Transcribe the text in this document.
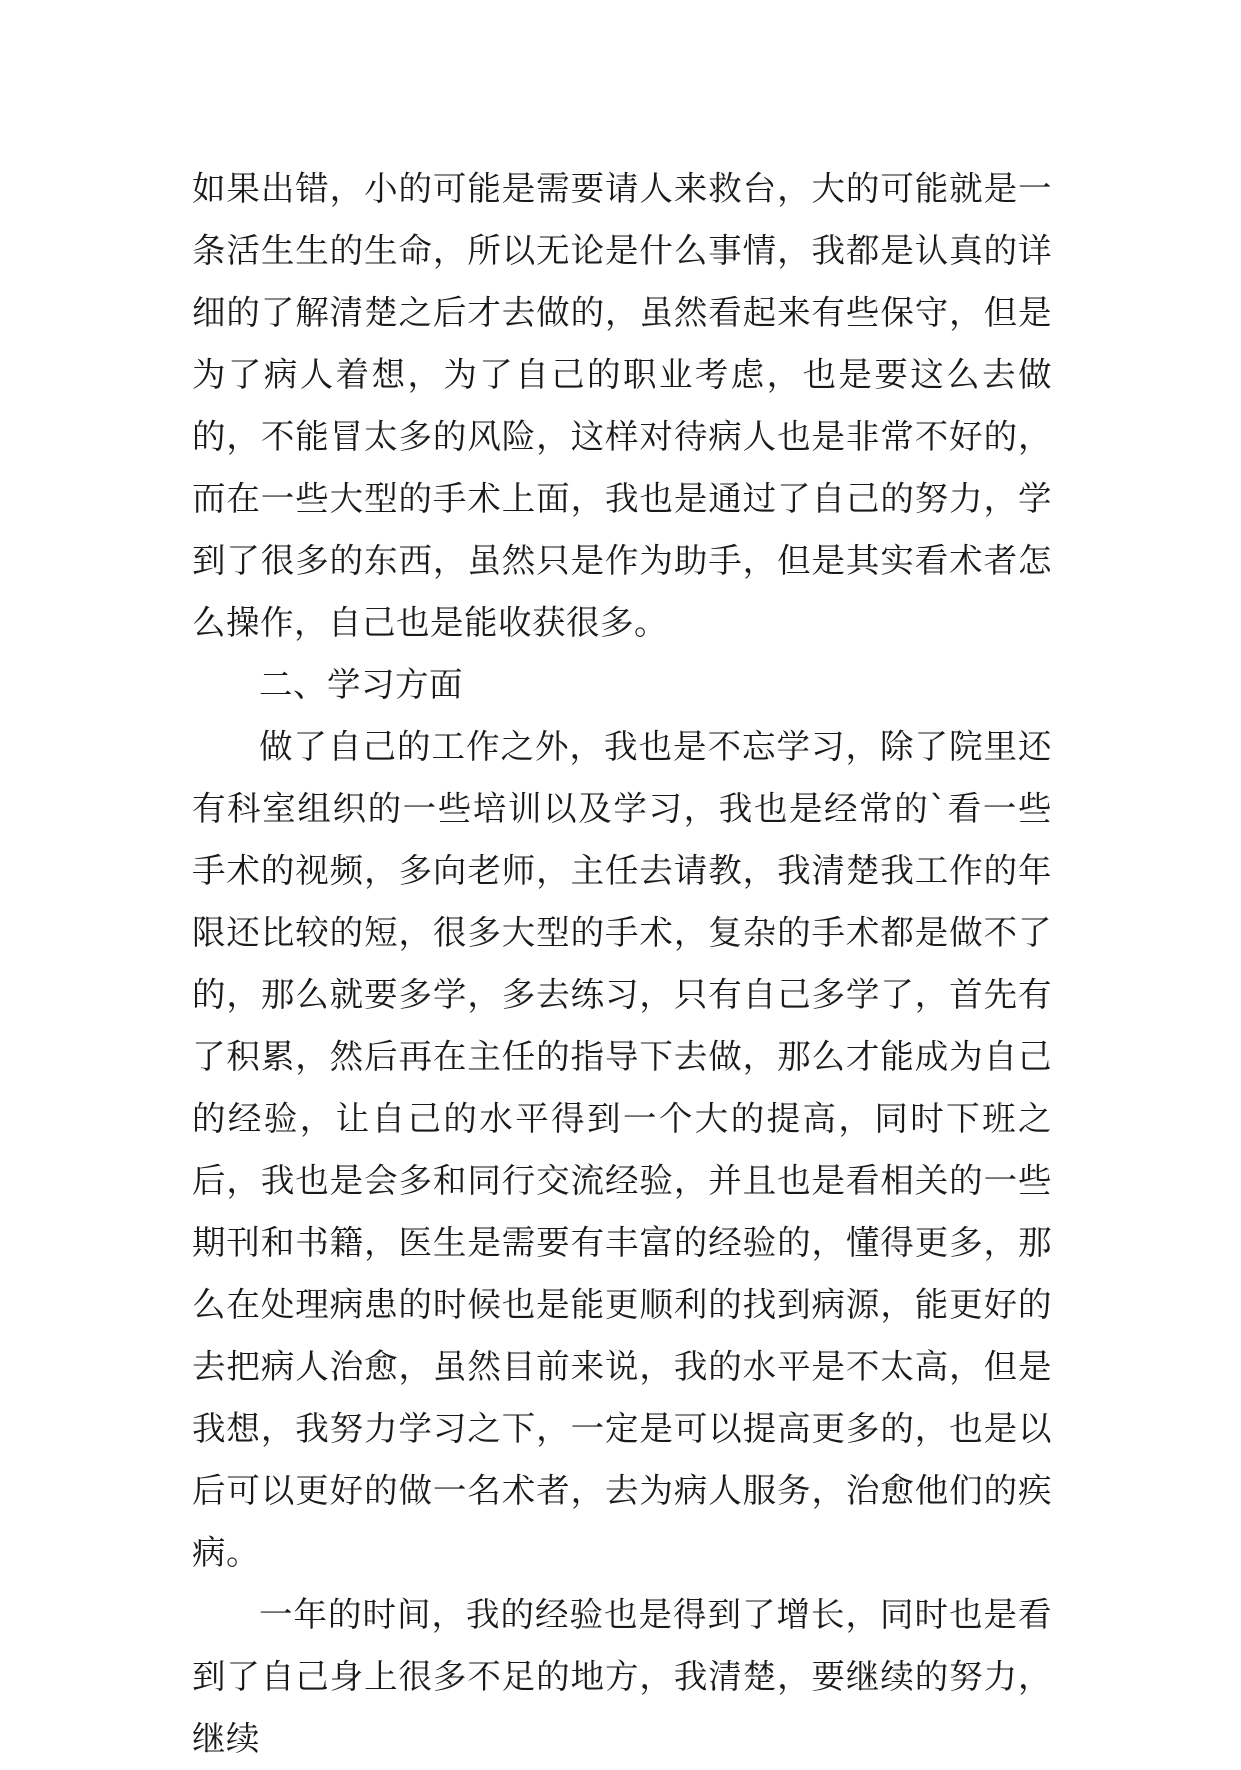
如果出错，小的可能是需要请人来救台，大的可能就是一条活生生的生命，所以无论是什么事情，我都是认真的详细的了解清楚之后才去做的，虽然看起来有些保守，但是为了病人着想，为了自己的职业考虑，也是要这么去做的，不能冒太多的风险，这样对待病人也是非常不好的，而在一些大型的手术上面，我也是通过了自己的努力，学到了很多的东西，虽然只是作为助手，但是其实看术者怎么操作，自己也是能收获很多。

二、学习方面

做了自己的工作之外，我也是不忘学习，除了院里还有科室组织的一些培训以及学习，我也是经常的`看一些手术的视频，多向老师，主任去请教，我清楚我工作的年限还比较的短，很多大型的手术，复杂的手术都是做不了的，那么就要多学，多去练习，只有自己多学了，首先有了积累，然后再在主任的指导下去做，那么才能成为自己的经验，让自己的水平得到一个大的提高，同时下班之后，我也是会多和同行交流经验，并且也是看相关的一些期刊和书籍，医生是需要有丰富的经验的，懂得更多，那么在处理病患的时候也是能更顺利的找到病源，能更好的去把病人治愈，虽然目前来说，我的水平是不太高，但是我想，我努力学习之下，一定是可以提高更多的，也是以后可以更好的做一名术者，去为病人服务，治愈他们的疾病。

一年的时间，我的经验也是得到了增长，同时也是看到了自己身上很多不足的地方，我清楚，要继续的努力，继续
